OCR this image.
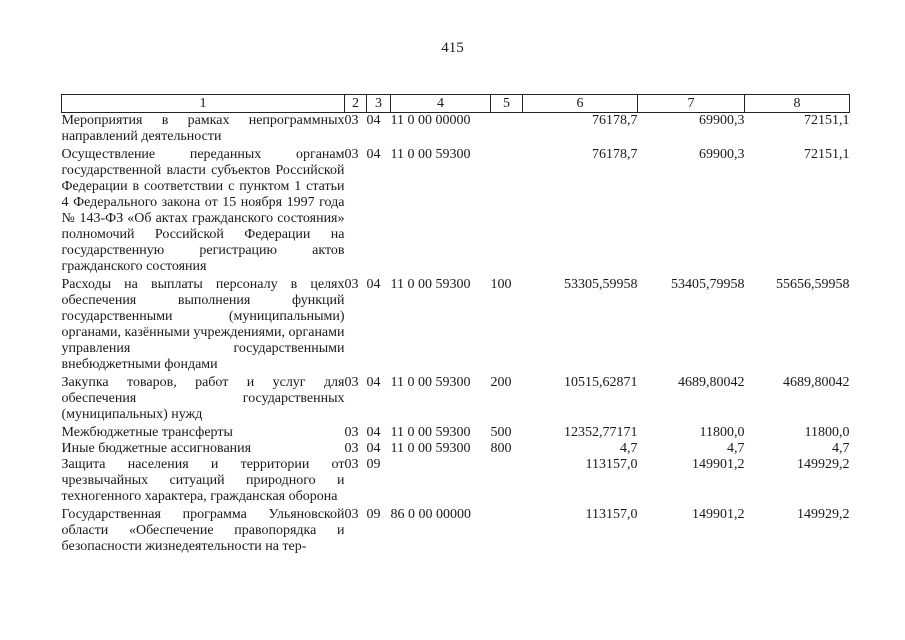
415
1	2	3	4	5	6	7	8
Мероприятия в рамках непрограммных направлений деятельности	03	04	11 0 00 00000		76178,7	69900,3	72151,1
Осуществление переданных органам государственной власти субъектов Российской Федерации в соответствии с пунктом 1 статьи 4 Федерального закона от 15 ноября 1997 года № 143-ФЗ «Об актах гражданского состояния» полномочий Российской Федерации на государственную регистрацию актов гражданского состояния	03	04	11 0 00 59300		76178,7	69900,3	72151,1
Расходы на выплаты персоналу в целях обеспечения выполнения функций государственными (муниципальными) органами, казёнными учреждениями, органами управления государственными внебюджетными фондами	03	04	11 0 00 59300	100	53305,59958	53405,79958	55656,59958
Закупка товаров, работ и услуг для обеспечения государственных (муниципальных) нужд	03	04	11 0 00 59300	200	10515,62871	4689,80042	4689,80042
Межбюджетные трансферты	03	04	11 0 00 59300	500	12352,77171	11800,0	11800,0
Иные бюджетные ассигнования	03	04	11 0 00 59300	800	4,7	4,7	4,7
Защита населения и территории от чрезвычайных ситуаций природного и техногенного характера, гражданская оборона	03	09			113157,0	149901,2	149929,2
Государственная программа Ульяновской области «Обеспечение правопорядка и безопасности жизнедеятельности на тер-	03	09	86 0 00 00000		113157,0	149901,2	149929,2
